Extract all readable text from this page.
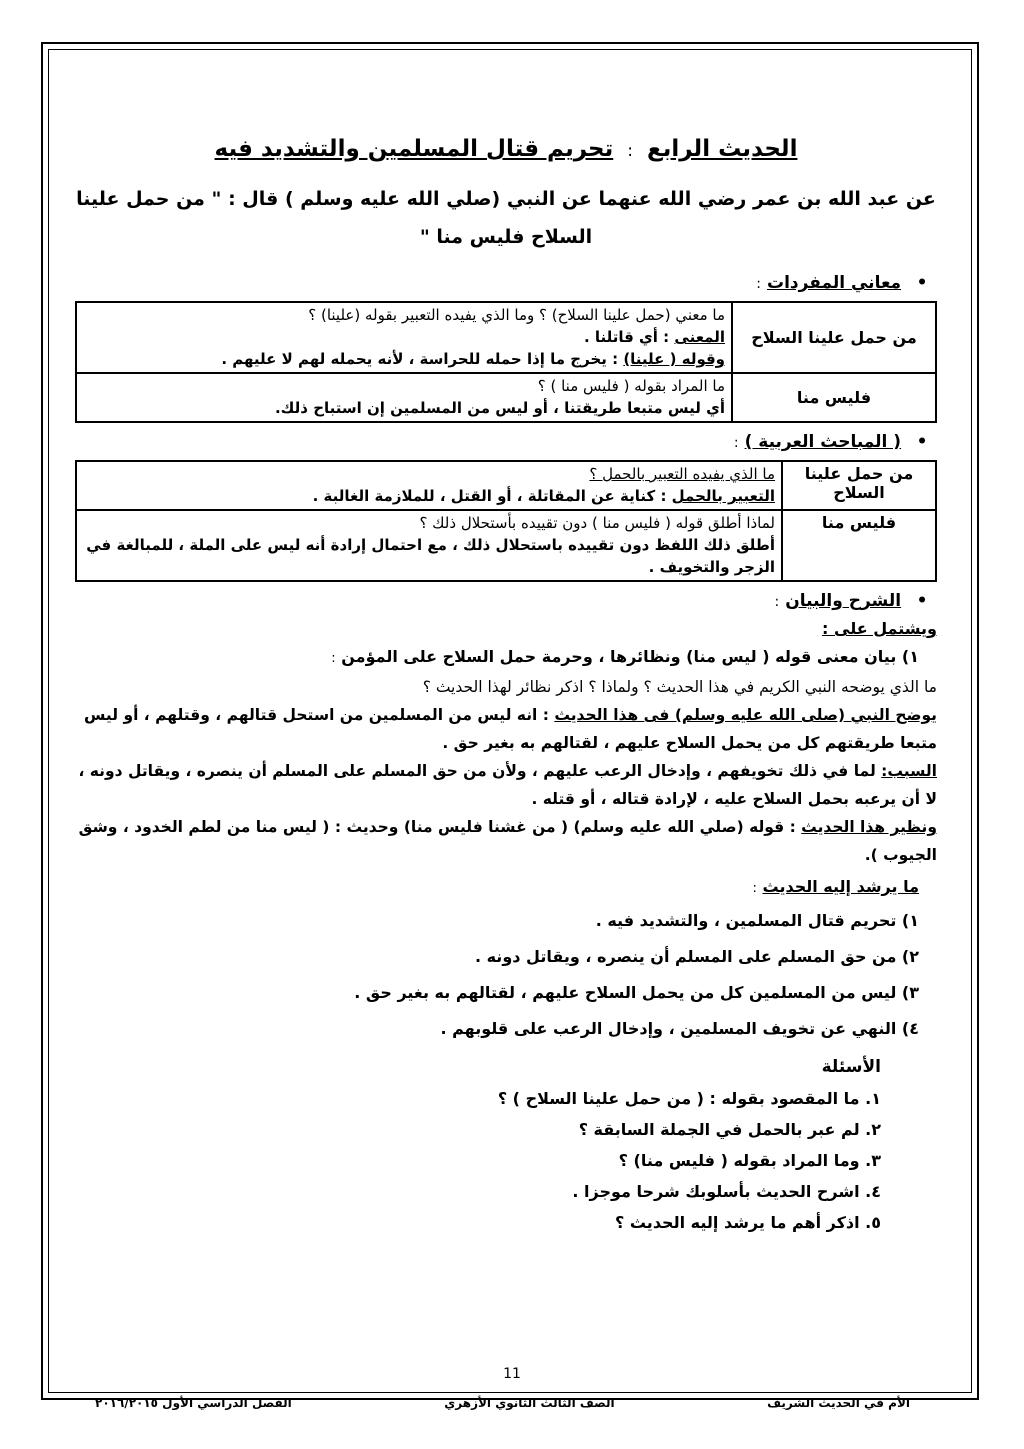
الحديث الرابع : تحريم قتال المسلمين والتشديد فيه
عن عبد الله بن عمر رضي الله عنهما عن النبي (صلي الله عليه وسلم ) قال : " من حمل علينا
السلاح فليس منا "
• معاني المفردات:
من حمل علينا السلاح	ما معني (حمل علينا السلاح) ؟ وما الذي يفيده التعبير بقوله (علينا) ؟
المعنى : أي قاتلنا .
وقوله ( علينا) : يخرج ما إذا حمله للحراسة ، لأنه يحمله لهم لا عليهم .

فليس منا	ما المراد بقوله ( فليس منا ) ؟
أي ليس متبعا طريقتنا ، أو ليس من المسلمين إن استباح ذلك.
• ( المباحث العربية ):
من حمل علينا السلاح	ما الذي يفيده التعبير بالحمل ؟
التعبير بالحمل : كناية عن المقاتلة ، أو القتل ، للملازمة الغالبة .

فليس منا	لماذا أطلق قوله ( فليس منا ) دون تقييده بأستحلال ذلك ؟
أطلق ذلك اللفظ دون تقييده باستحلال ذلك ، مع احتمال إرادة أنه ليس على الملة ، للمبالغة في الزجر والتخويف .
• الشرح والبيان:
ويشتمل على :
١) بيان معنى قوله ( ليس منا) ونظائرها ، وحرمة حمل السلاح على المؤمن :
ما الذي يوضحه النبي الكريم في هذا الحديث ؟ ولماذا ؟ اذكر نظائر لهذا الحديث ؟
يوضح النبي (صلى الله عليه وسلم) فى هذا الحديث : انه ليس من المسلمين من استحل قتالهم ، وقتلهم ، أو ليس متبعا طريقتهم كل من يحمل السلاح عليهم ، لقتالهم به بغير حق .
السبب: لما في ذلك تخويفهم ، وإدخال الرعب عليهم ، ولأن من حق المسلم على المسلم أن ينصره ، ويقاتل دونه ، لا أن يرعبه بحمل السلاح عليه ، لإرادة قتاله ، أو قتله .
ونظير هذا الحديث : قوله (صلي الله عليه وسلم) ( من غشنا فليس منا) وحديث : ( ليس منا من لطم الخدود ، وشق الجيوب ).
ما يرشد إليه الحديث :
١) تحريم قتال المسلمين ، والتشديد فيه .
٢) من حق المسلم على المسلم أن ينصره ، ويقاتل دونه .
٣) ليس من المسلمين كل من يحمل السلاح عليهم ، لقتالهم به بغير حق .
٤) النهي عن تخويف المسلمين ، وإدخال الرعب على قلوبهم .
الأسئلة
١. ما المقصود بقوله : ( من حمل علينا السلاح ) ؟
٢. لم عبر بالحمل في الجملة السابقة ؟
٣. وما المراد بقوله ( فليس منا) ؟
٤. اشرح الحديث بأسلوبك شرحا موجزا .
٥. اذكر أهم ما يرشد إليه الحديث ؟
11
الأم في الحديث الشريف
الصف الثالث الثانوي الأزهري
الفصل الدراسي الأول ٢٠١٦/٢٠١٥
